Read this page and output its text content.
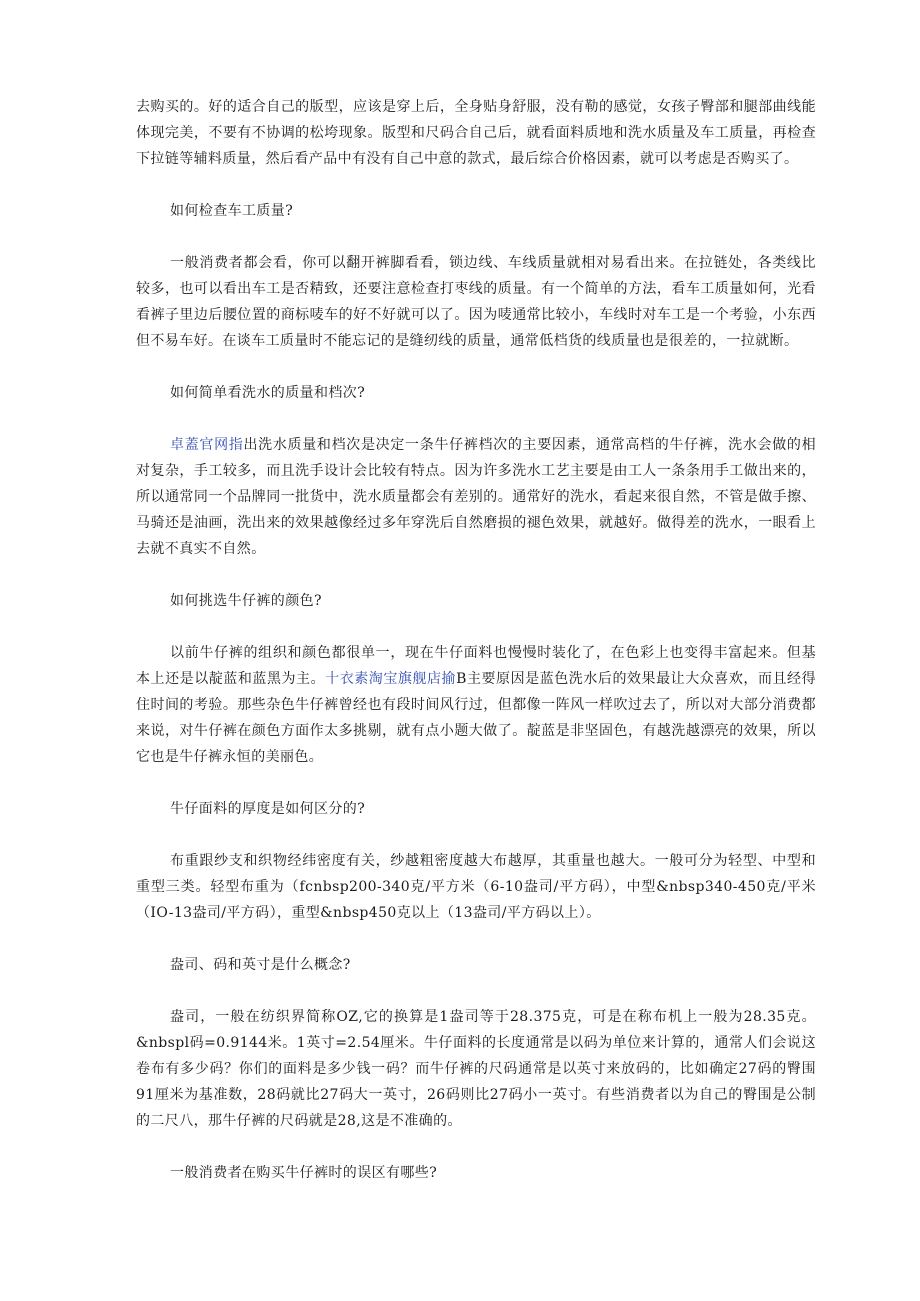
去购买的。好的适合自己的版型，应该是穿上后，全身贴身舒服，没有勒的感觉，女孩子臀部和腿部曲线能体现完美，不要有不协调的松垮现象。版型和尺码合自己后，就看面料质地和洗水质量及车工质量，再检查下拉链等辅料质量，然后看产品中有没有自己中意的款式，最后综合价格因素，就可以考虑是否购买了。

如何检查车工质量?

一般消费者都会看，你可以翻开裤脚看看，锁边线、车线质量就相对易看出来。在拉链处，各类线比较多，也可以看出车工是否精致，还要注意检查打枣线的质量。有一个简单的方法，看车工质量如何，光看看裤子里边后腰位置的商标唛车的好不好就可以了。因为唛通常比较小，车线时对车工是一个考验，小东西但不易车好。在谈车工质量时不能忘记的是缝纫线的质量，通常低档货的线质量也是很差的，一拉就断。

如何简单看洗水的质量和档次?

卓蓋官网指出洗水质量和档次是决定一条牛仔裤档次的主要因素，通常高档的牛仔裤，洗水会做的相对复杂，手工较多，而且洗手设计会比较有特点。因为许多洗水工艺主要是由工人一条条用手工做出来的，所以通常同一个品牌同一批货中，洗水质量都会有差别的。通常好的洗水，看起来很自然，不管是做手擦、马骑还是油画，洗出来的效果越像经过多年穿洗后自然磨损的褪色效果，就越好。做得差的洗水，一眼看上去就不真实不自然。

如何挑选牛仔裤的颜色?

以前牛仔裤的组织和颜色都很单一，现在牛仔面料也慢慢时装化了，在色彩上也变得丰富起来。但基本上还是以靛蓝和蓝黑为主。十衣素淘宝旗舰店揄B主要原因是蓝色洗水后的效果最让大众喜欢，而且经得住时间的考验。那些杂色牛仔裤曾经也有段时间风行过，但都像一阵风一样吹过去了，所以对大部分消费都来说，对牛仔裤在颜色方面作太多挑剔，就有点小题大做了。靛蓝是非坚固色，有越洗越漂亮的效果，所以它也是牛仔裤永恒的美丽色。

牛仔面料的厚度是如何区分的?

布重跟纱支和织物经纬密度有关，纱越粗密度越大布越厚，其重量也越大。一般可分为轻型、中型和重型三类。轻型布重为（fcnbsp200-340克/平方米（6-10盎司/平方码），中型&nbsp340-450克/平米（IO-13盎司/平方码），重型&nbsp450克以上（13盎司/平方码以上）。

盎司、码和英寸是什么概念?

盎司，一般在纺织界简称OZ,它的换算是1盎司等于28.375克，可是在称布机上一般为28.35克。&nbspl码=0.9144米。1英寸=2.54厘米。牛仔面料的长度通常是以码为单位来计算的，通常人们会说这卷布有多少码？你们的面料是多少钱一码？而牛仔裤的尺码通常是以英寸来放码的，比如确定27码的臀围91厘米为基准数，28码就比27码大一英寸，26码则比27码小一英寸。有些消费者以为自己的臀围是公制的二尺八，那牛仔裤的尺码就是28,这是不准确的。

一般消费者在购买牛仔裤时的误区有哪些?
